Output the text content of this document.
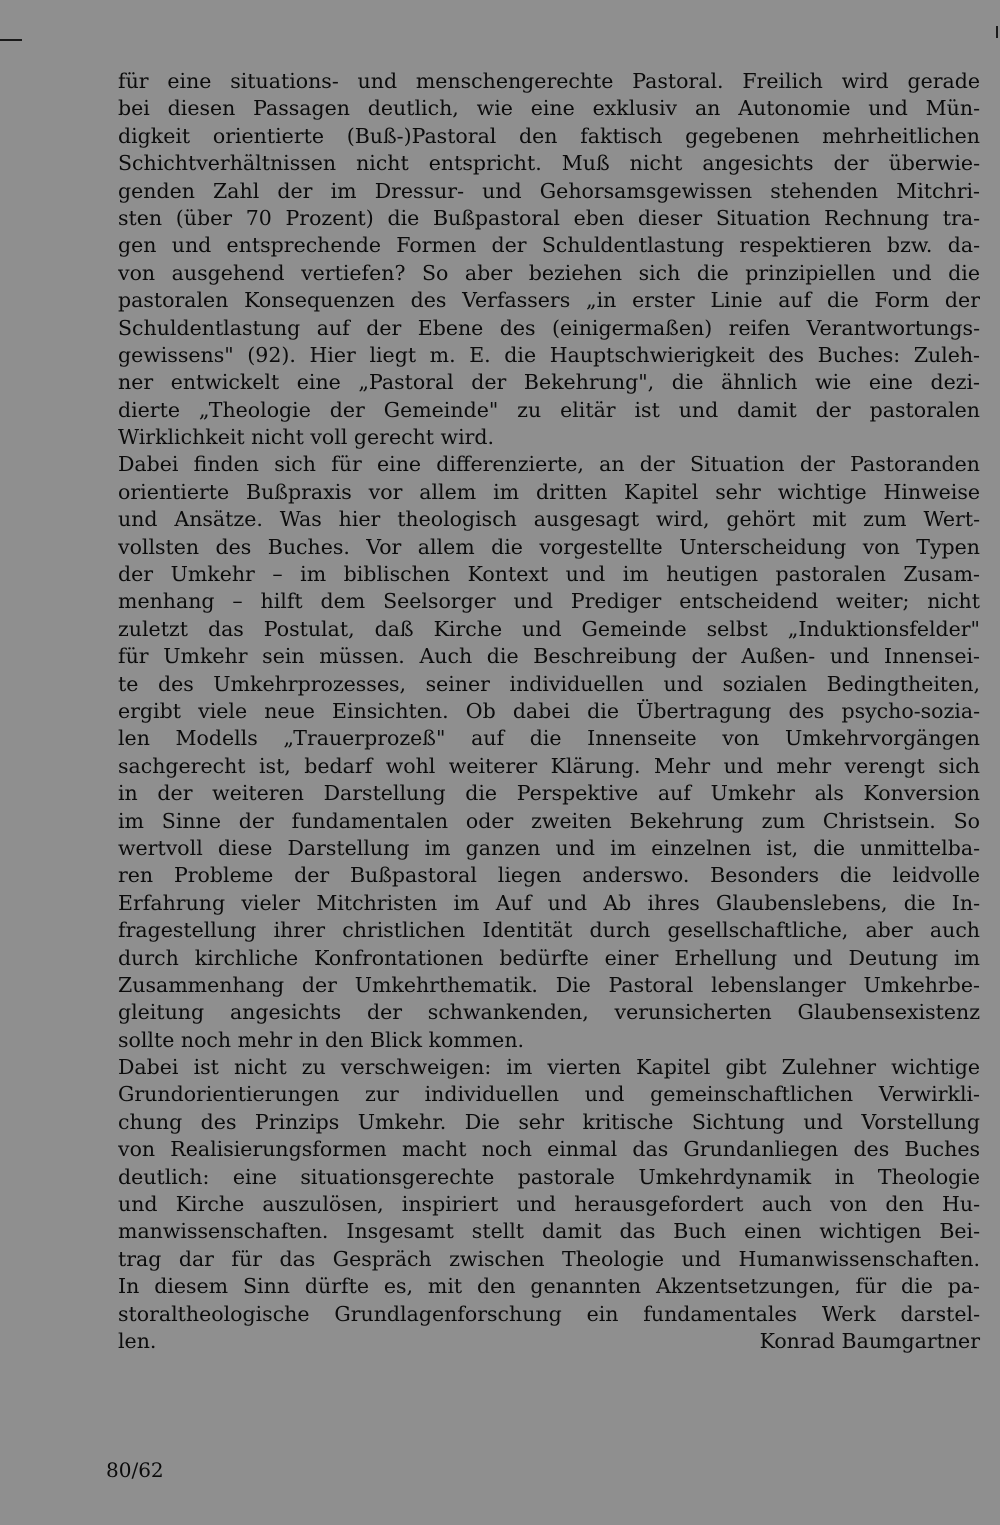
für eine situations- und menschengerechte Pastoral. Freilich wird gerade
bei diesen Passagen deutlich, wie eine exklusiv an Autonomie und Mün-
digkeit orientierte (Buß-)Pastoral den faktisch gegebenen mehrheitlichen
Schichtverhältnissen nicht entspricht. Muß nicht angesichts der überwie-
genden Zahl der im Dressur- und Gehorsamsgewissen stehenden Mitchri-
sten (über 70 Prozent) die Bußpastoral eben dieser Situation Rechnung tra-
gen und entsprechende Formen der Schuldentlastung respektieren bzw. da-
von ausgehend vertiefen? So aber beziehen sich die prinzipiellen und die
pastoralen Konsequenzen des Verfassers „in erster Linie auf die Form der
Schuldentlastung auf der Ebene des (einigermaßen) reifen Verantwortungs-
gewissens" (92). Hier liegt m. E. die Hauptschwierigkeit des Buches: Zuleh-
ner entwickelt eine „Pastoral der Bekehrung", die ähnlich wie eine dezi-
dierte „Theologie der Gemeinde" zu elitär ist und damit der pastoralen
Wirklichkeit nicht voll gerecht wird.
Dabei finden sich für eine differenzierte, an der Situation der Pastoranden
orientierte Bußpraxis vor allem im dritten Kapitel sehr wichtige Hinweise
und Ansätze. Was hier theologisch ausgesagt wird, gehört mit zum Wert-
vollsten des Buches. Vor allem die vorgestellte Unterscheidung von Typen
der Umkehr – im biblischen Kontext und im heutigen pastoralen Zusam-
menhang – hilft dem Seelsorger und Prediger entscheidend weiter; nicht
zuletzt das Postulat, daß Kirche und Gemeinde selbst „Induktionsfelder"
für Umkehr sein müssen. Auch die Beschreibung der Außen- und Innensei-
te des Umkehrprozesses, seiner individuellen und sozialen Bedingtheiten,
ergibt viele neue Einsichten. Ob dabei die Übertragung des psycho-sozia-
len Modells „Trauerprozeß" auf die Innenseite von Umkehrvorgängen
sachgerecht ist, bedarf wohl weiterer Klärung. Mehr und mehr verengt sich
in der weiteren Darstellung die Perspektive auf Umkehr als Konversion
im Sinne der fundamentalen oder zweiten Bekehrung zum Christsein. So
wertvoll diese Darstellung im ganzen und im einzelnen ist, die unmittelba-
ren Probleme der Bußpastoral liegen anderswo. Besonders die leidvolle
Erfahrung vieler Mitchristen im Auf und Ab ihres Glaubenslebens, die In-
fragestellung ihrer christlichen Identität durch gesellschaftliche, aber auch
durch kirchliche Konfrontationen bedürfte einer Erhellung und Deutung im
Zusammenhang der Umkehrthematik. Die Pastoral lebenslanger Umkehrbe-
gleitung angesichts der schwankenden, verunsicherten Glaubensexistenz
sollte noch mehr in den Blick kommen.
Dabei ist nicht zu verschweigen: im vierten Kapitel gibt Zulehner wichtige
Grundorientierungen zur individuellen und gemeinschaftlichen Verwirkli-
chung des Prinzips Umkehr. Die sehr kritische Sichtung und Vorstellung
von Realisierungsformen macht noch einmal das Grundanliegen des Buches
deutlich: eine situationsgerechte pastorale Umkehrdynamik in Theologie
und Kirche auszulösen, inspiriert und herausgefordert auch von den Hu-
manwissenschaften. Insgesamt stellt damit das Buch einen wichtigen Bei-
trag dar für das Gespräch zwischen Theologie und Humanwissenschaften.
In diesem Sinn dürfte es, mit den genannten Akzentsetzungen, für die pa-
storaltheologische Grundlagenforschung ein fundamentales Werk darstel-
len.	Konrad Baumgartner
80/62
